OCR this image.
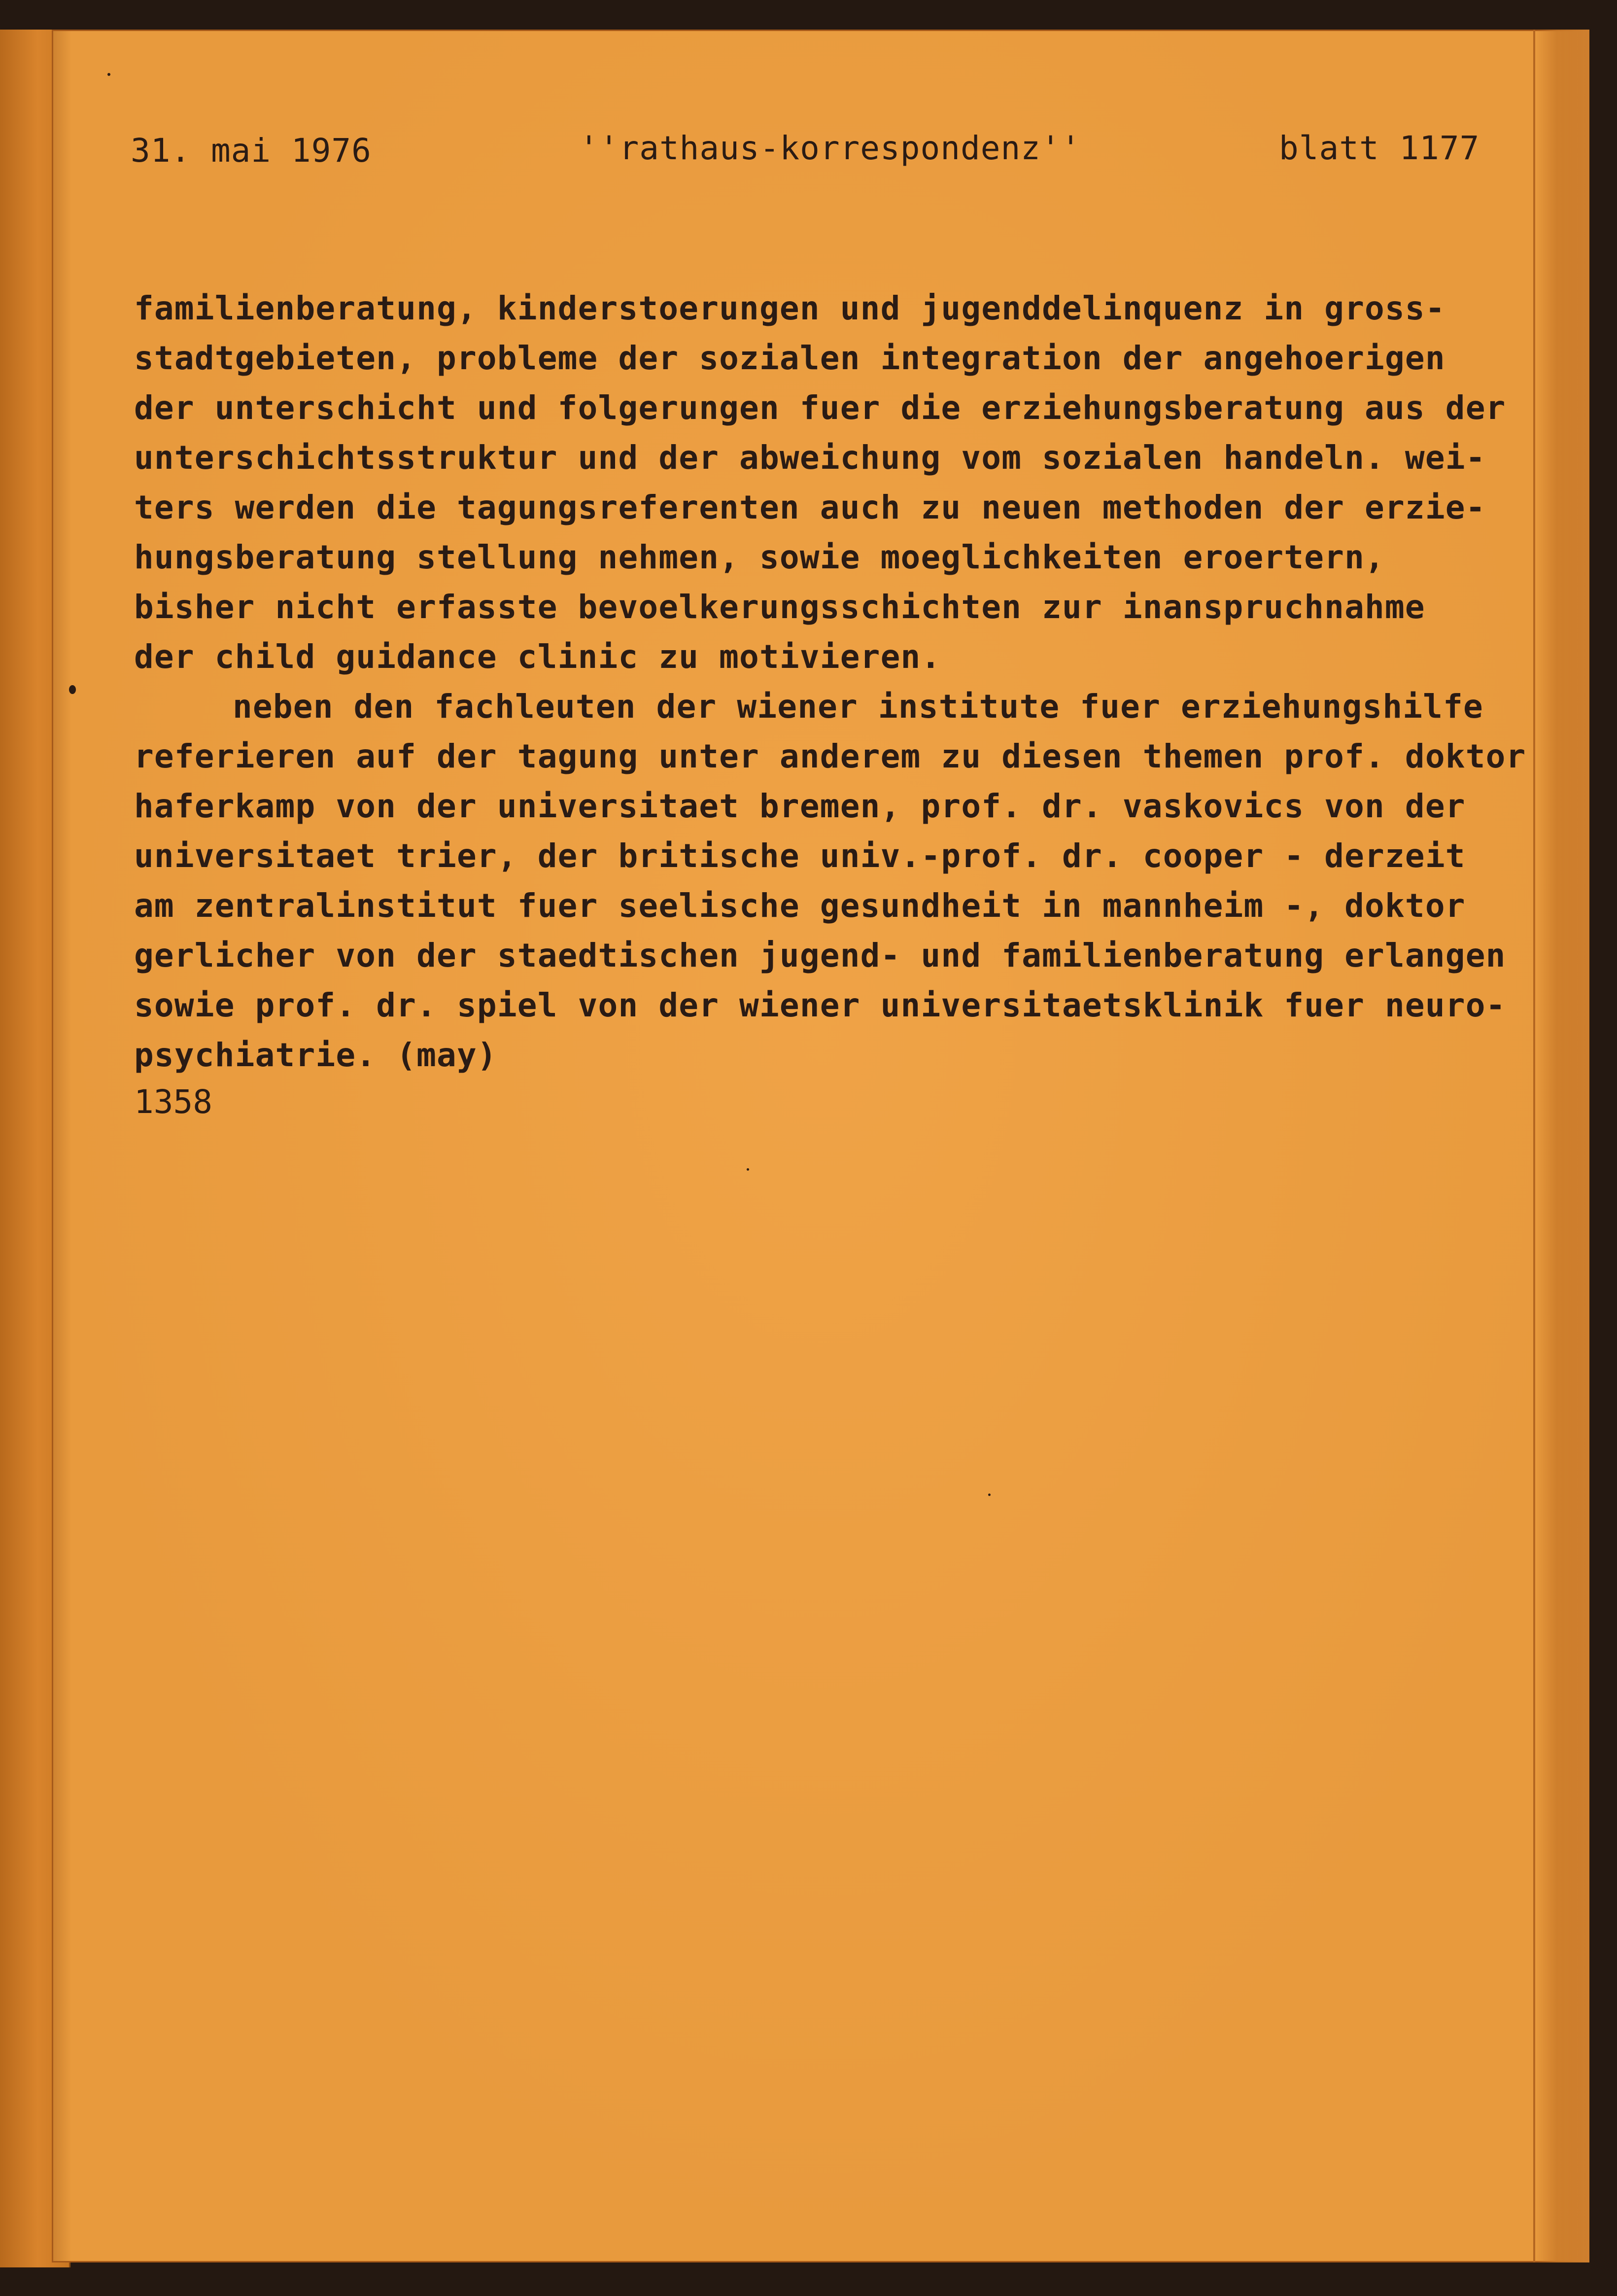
31. mai 1976	''rathaus-korrespondenz''	blatt 1177
familienberatung, kinderstoerungen und jugenddelinquenz in gross-
stadtgebieten, probleme der sozialen integration der angehoerigen
der unterschicht und folgerungen fuer die erziehungsberatung aus der
unterschichtsstruktur und der abweichung vom sozialen handeln. wei-
ters werden die tagungsreferenten auch zu neuen methoden der erzie-
hungsberatung stellung nehmen, sowie moeglichkeiten eroertern,
bisher nicht erfasste bevoelkerungsschichten zur inanspruchnahme
der child guidance clinic zu motivieren.
neben den fachleuten der wiener institute fuer erziehungshilfe
referieren auf der tagung unter anderem zu diesen themen prof. doktor
haferkamp von der universitaet bremen, prof. dr. vaskovics von der
universitaet trier, der britische univ.-prof. dr. cooper - derzeit
am zentralinstitut fuer seelische gesundheit in mannheim -, doktor
gerlicher von der staedtischen jugend- und familienberatung erlangen
sowie prof. dr. spiel von der wiener universitaetsklinik fuer neuro-
psychiatrie. (may)
1358
